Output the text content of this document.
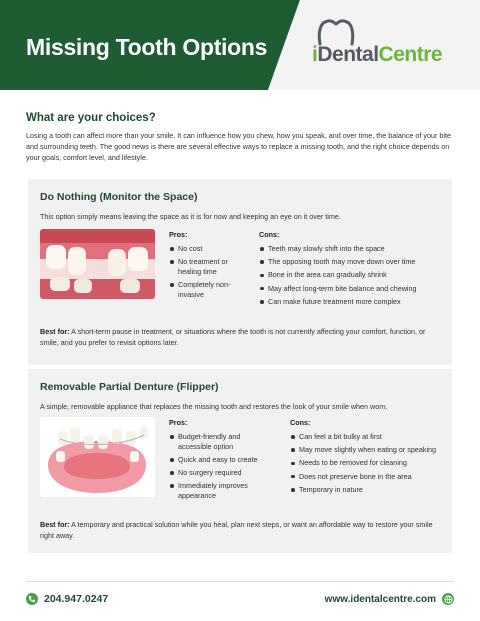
Missing Tooth Options iDentalCentre
What are your choices?
Losing a tooth can affect more than your smile. It can influence how you chew, how you speak, and over time, the balance of your bite and surrounding teeth. The good news is there are several effective ways to replace a missing tooth, and the right choice depends on your goals, comfort level, and lifestyle.
Do Nothing (Monitor the Space)
This option simply means leaving the space as it is for now and keeping an eye on it over time.
Pros:
No cost
No treatment or healing time
Completely non-invasive
Cons:
Teeth may slowly shift into the space
The opposing tooth may move down over time
Bone in the area can gradually shrink
May affect long-term bite balance and chewing
Can make future treatment more complex
Best for: A short-term pause in treatment, or situations where the tooth is not currently affecting your comfort, function, or smile, and you prefer to revisit options later.
Removable Partial Denture (Flipper)
A simple, removable appliance that replaces the missing tooth and restores the look of your smile when worn.
Pros:
Budget-friendly and accessible option
Quick and easy to create
No surgery required
Immediately improves appearance
Cons:
Can feel a bit bulky at first
May move slightly when eating or speaking
Needs to be removed for cleaning
Does not preserve bone in the area
Temporary in nature
Best for: A temporary and practical solution while you heal, plan next steps, or want an affordable way to restore your smile right away.
204.947.0247	www.identalcentre.com
